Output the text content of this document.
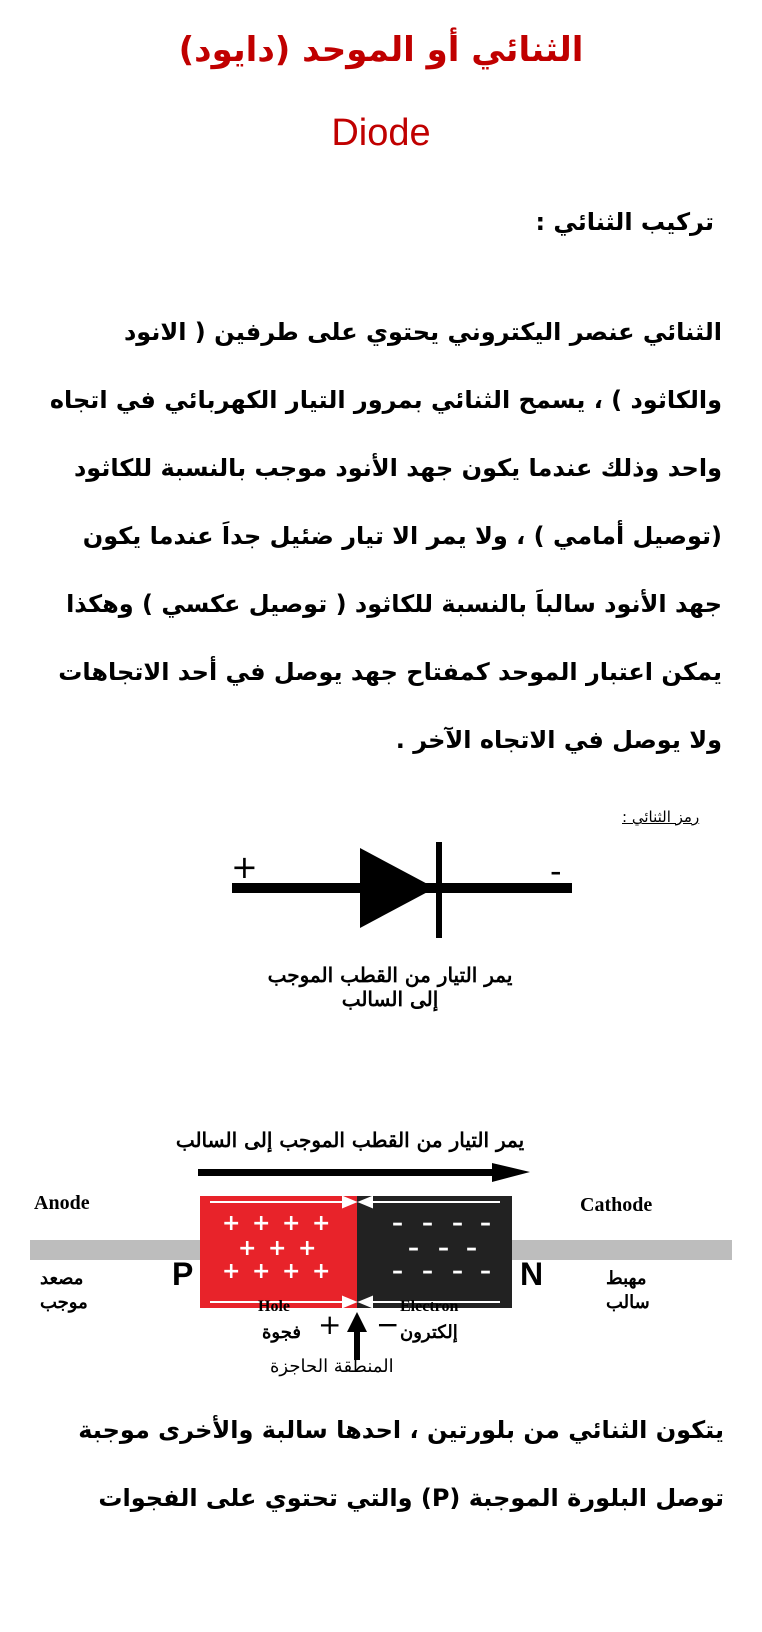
الثنائي أو الموحد (دايود)
Diode
تركيب الثنائي :
الثنائي عنصر اليكتروني يحتوي على طرفين ( الانود
والكاثود ) ، يسمح الثنائي بمرور التيار الكهربائي في اتجاه
واحد وذلك عندما يكون جهد الأنود موجب بالنسبة للكاثود
(توصيل أمامي ) ، ولا يمر الا تيار ضئيل جداَ عندما يكون
جهد الأنود سالباَ بالنسبة للكاثود ( توصيل عكسي ) وهكذا
يمكن اعتبار الموحد كمفتاح جهد يوصل في أحد الاتجاهات
ولا يوصل في الاتجاه الآخر .
رمز الثنائي :
+	-
يمر التيار من القطب الموجب إلى السالب
يمر التيار من القطب الموجب إلى السالب
+ + + +
+ + +
+ + + +
– – – –
– – –
– – – –
Anode	Cathode
مصعد
موجب
مهبط
سالب
P	N
Hole	Electron
فجوة + − إلكترون
المنطقة الحاجزة
يتكون الثنائي من بلورتين ، احدها سالبة والأخرى موجبة
توصل البلورة الموجبة (P) والتي تحتوي على الفجوات
